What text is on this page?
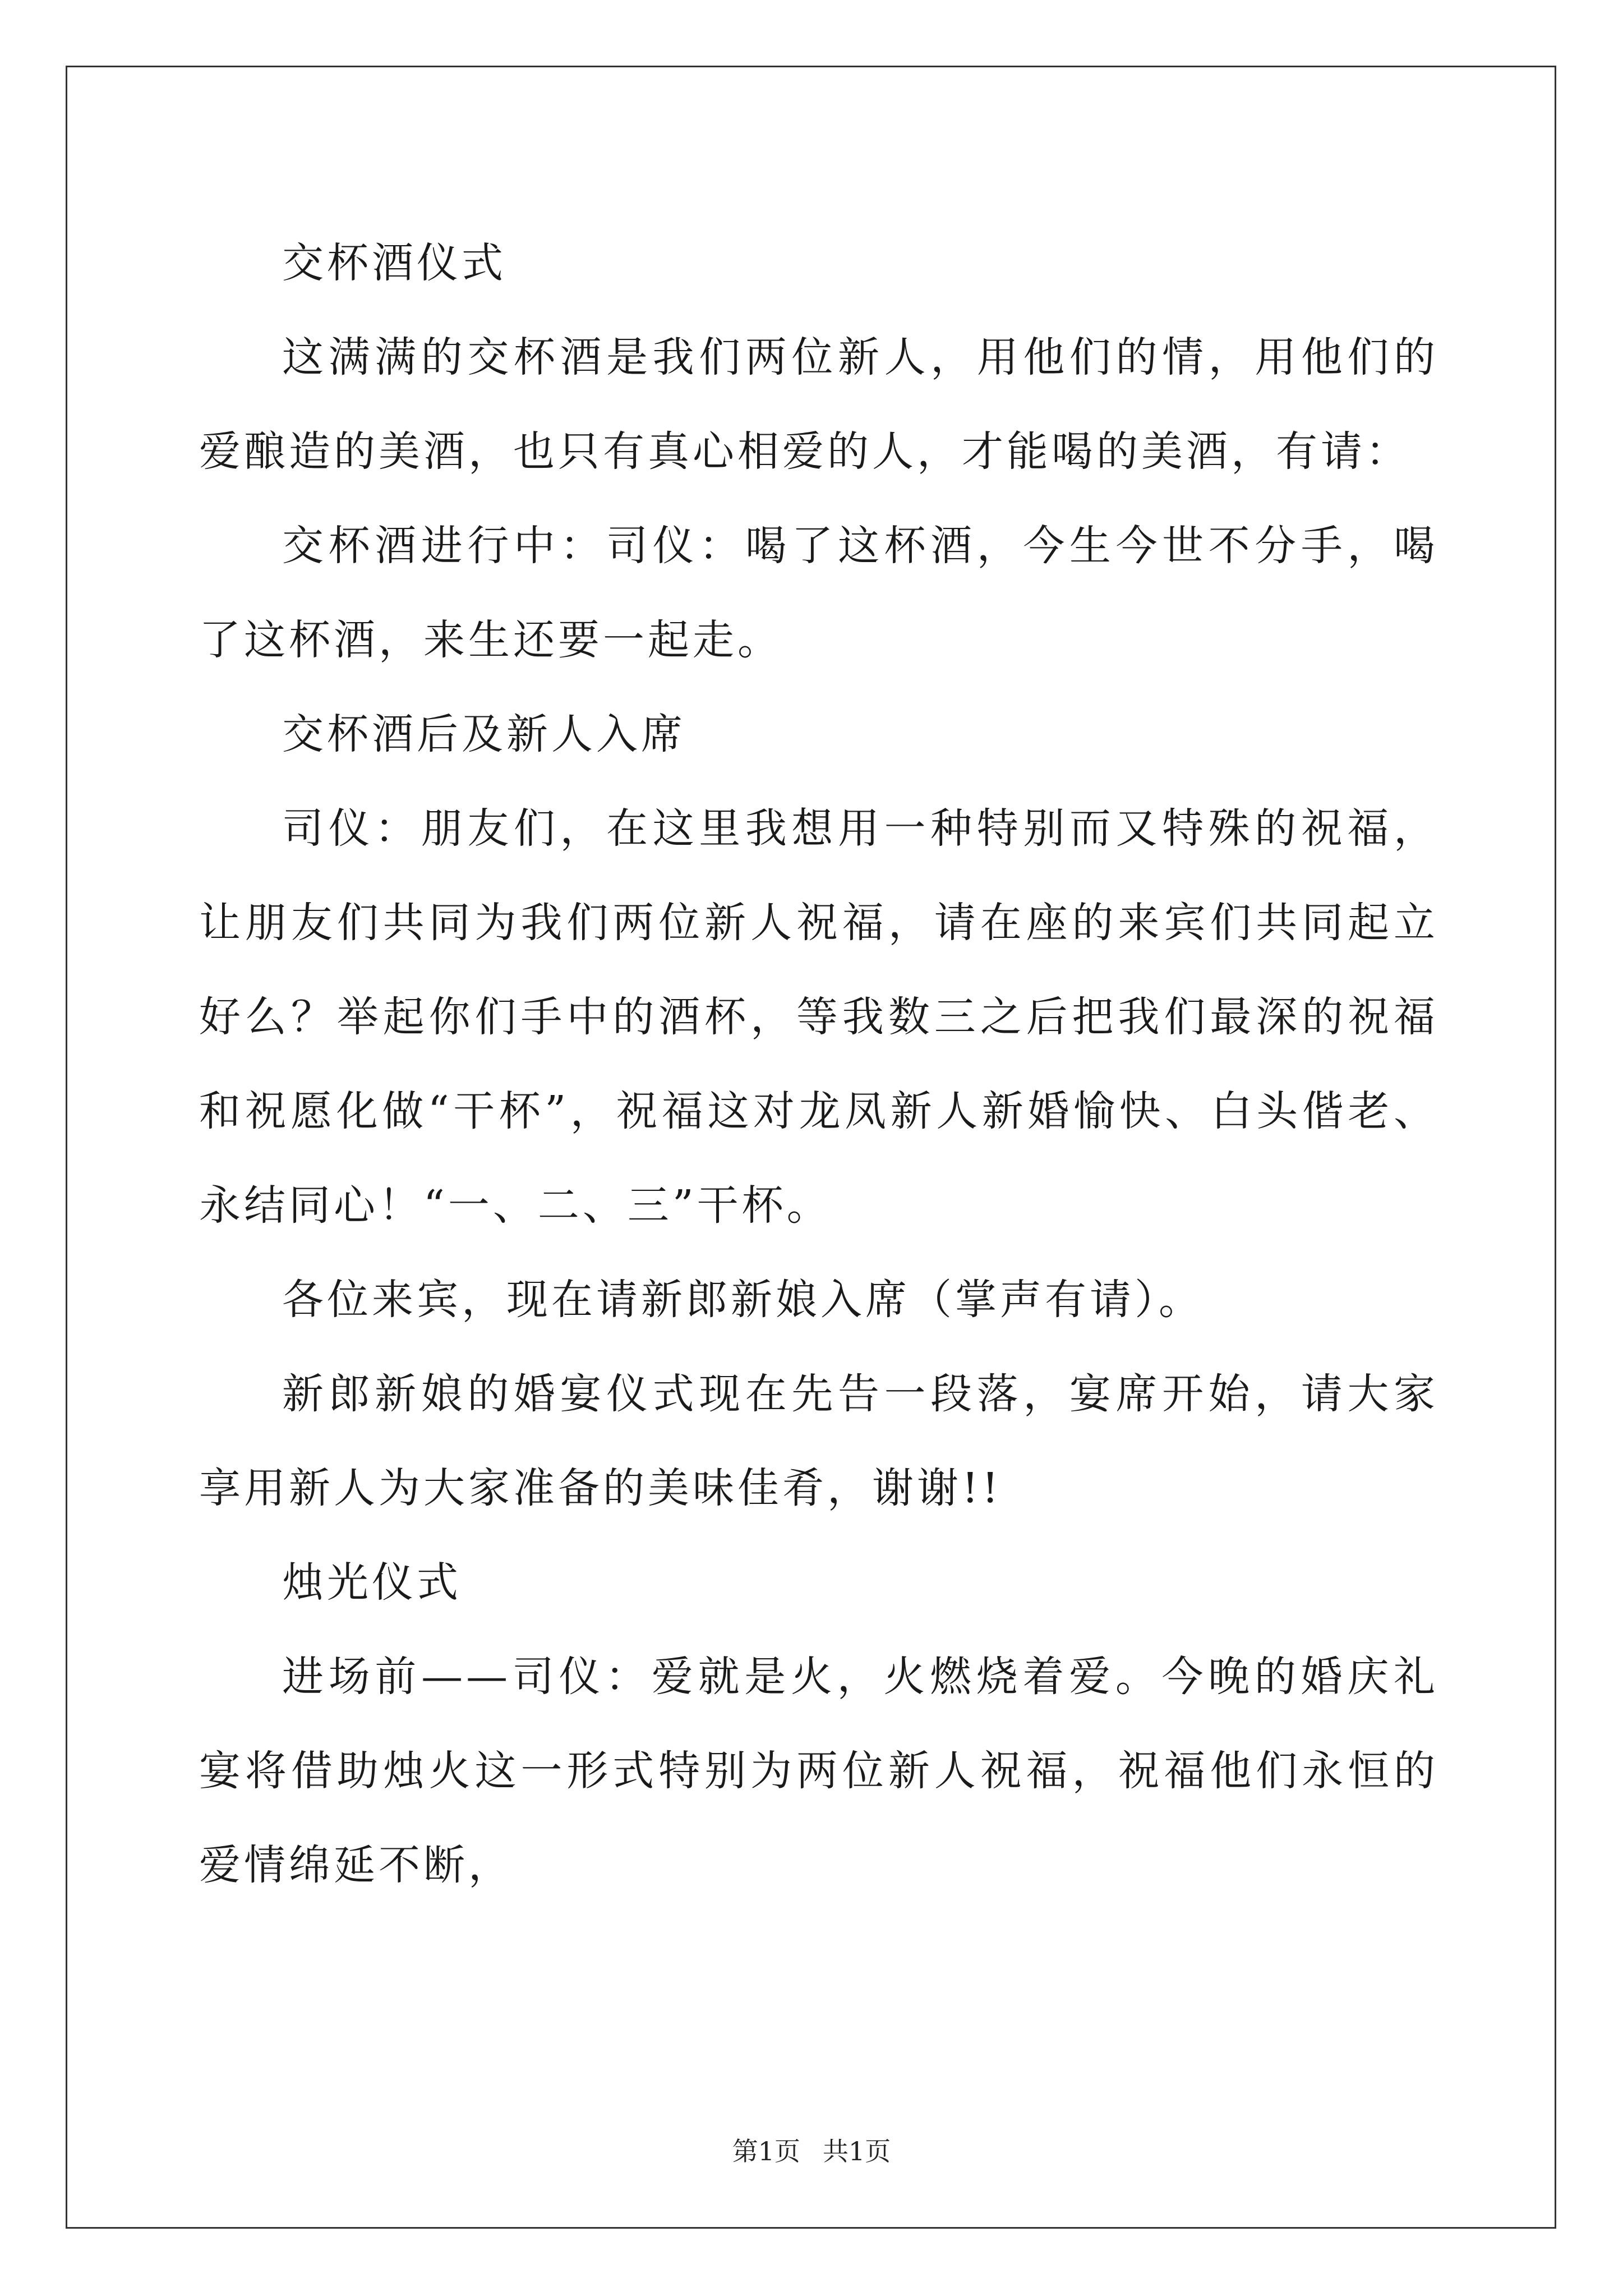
交杯酒仪式

这满满的交杯酒是我们两位新人，用他们的情，用他们的爱酿造的美酒，也只有真心相爱的人，才能喝的美酒，有请：

交杯酒进行中：司仪：喝了这杯酒，今生今世不分手，喝了这杯酒，来生还要一起走。

交杯酒后及新人入席

司仪：朋友们，在这里我想用一种特别而又特殊的祝福，让朋友们共同为我们两位新人祝福，请在座的来宾们共同起立好么？举起你们手中的酒杯，等我数三之后把我们最深的祝福和祝愿化做“干杯”，祝福这对龙凤新人新婚愉快、白头偕老、永结同心！“一、二、三”干杯。

各位来宾，现在请新郎新娘入席（掌声有请）。

新郎新娘的婚宴仪式现在先告一段落，宴席开始，请大家享用新人为大家准备的美味佳肴，谢谢!!

烛光仪式

进场前——司仪：爱就是火，火燃烧着爱。今晚的婚庆礼宴将借助烛火这一形式特别为两位新人祝福，祝福他们永恒的爱情绵延不断，

第1页 共1页
